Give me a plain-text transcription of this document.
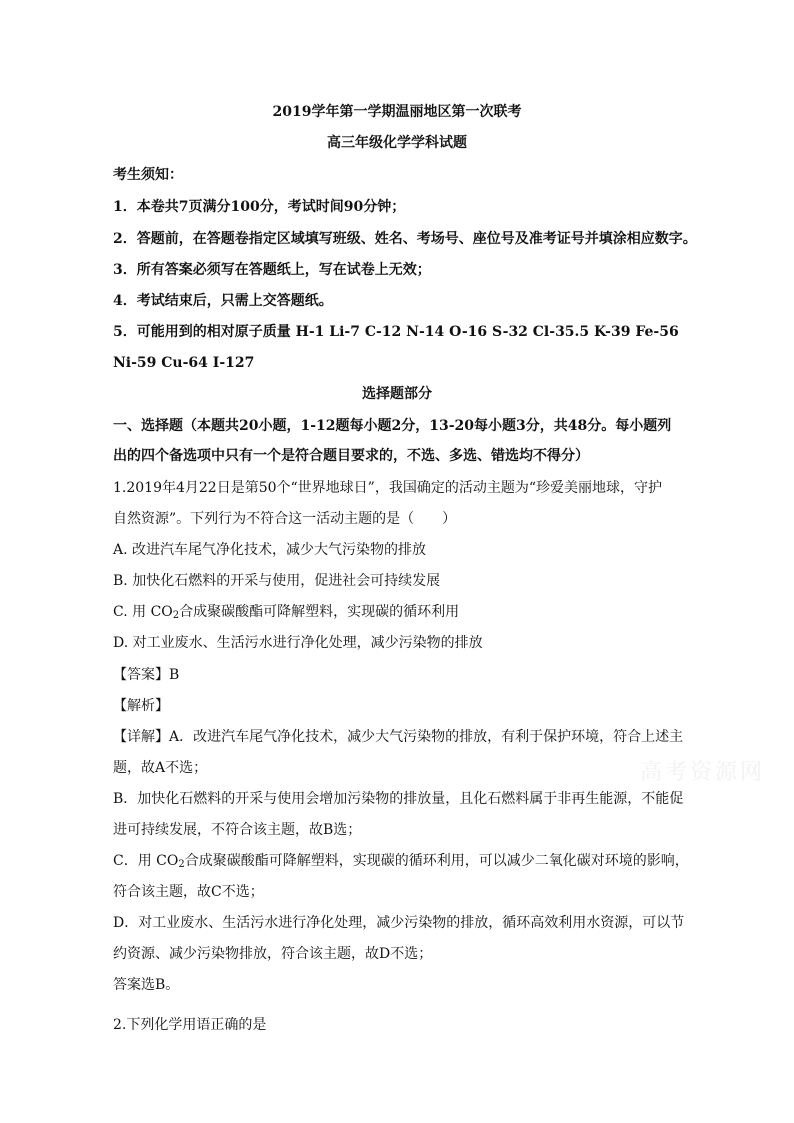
2019学年第一学期温丽地区第一次联考
高三年级化学学科试题
考生须知：
1．本卷共7页满分100分，考试时间90分钟；
2．答题前，在答题卷指定区域填写班级、姓名、考场号、座位号及准考证号并填涂相应数字。
3．所有答案必须写在答题纸上，写在试卷上无效；
4．考试结束后，只需上交答题纸。
5．可能用到的相对原子质量 H-1 Li-7 C-12 N-14 O-16 S-32 Cl-35.5 K-39 Fe-56
Ni-59 Cu-64 I-127
选择题部分
一、选择题（本题共20小题，1-12题每小题2分，13-20每小题3分，共48分。每小题列
出的四个备选项中只有一个是符合题目要求的，不选、多选、错选均不得分）
1.2019年4月22日是第50个“世界地球日”，我国确定的活动主题为“珍爱美丽地球，守护
自然资源”。下列行为不符合这一活动主题的是（　　）
A. 改进汽车尾气净化技术，减少大气污染物的排放
B. 加快化石燃料的开采与使用，促进社会可持续发展
C. 用 $CO_2$合成聚碳酸酯可降解塑料，实现碳的循环利用
D. 对工业废水、生活污水进行净化处理，减少污染物的排放
【答案】B
【解析】
【详解】A．改进汽车尾气净化技术，减少大气污染物的排放，有利于保护环境，符合上述主
题，故A不选；
B．加快化石燃料的开采与使用会增加污染物的排放量，且化石燃料属于非再生能源，不能促
进可持续发展，不符合该主题，故B选；
C．用 $CO_2$合成聚碳酸酯可降解塑料，实现碳的循环利用，可以减少二氧化碳对环境的影响，
符合该主题，故C不选；
D．对工业废水、生活污水进行净化处理，减少污染物的排放，循环高效利用水资源，可以节
约资源、减少污染物排放，符合该主题，故D不选；
答案选B。
2.下列化学用语正确的是
高考资源网
